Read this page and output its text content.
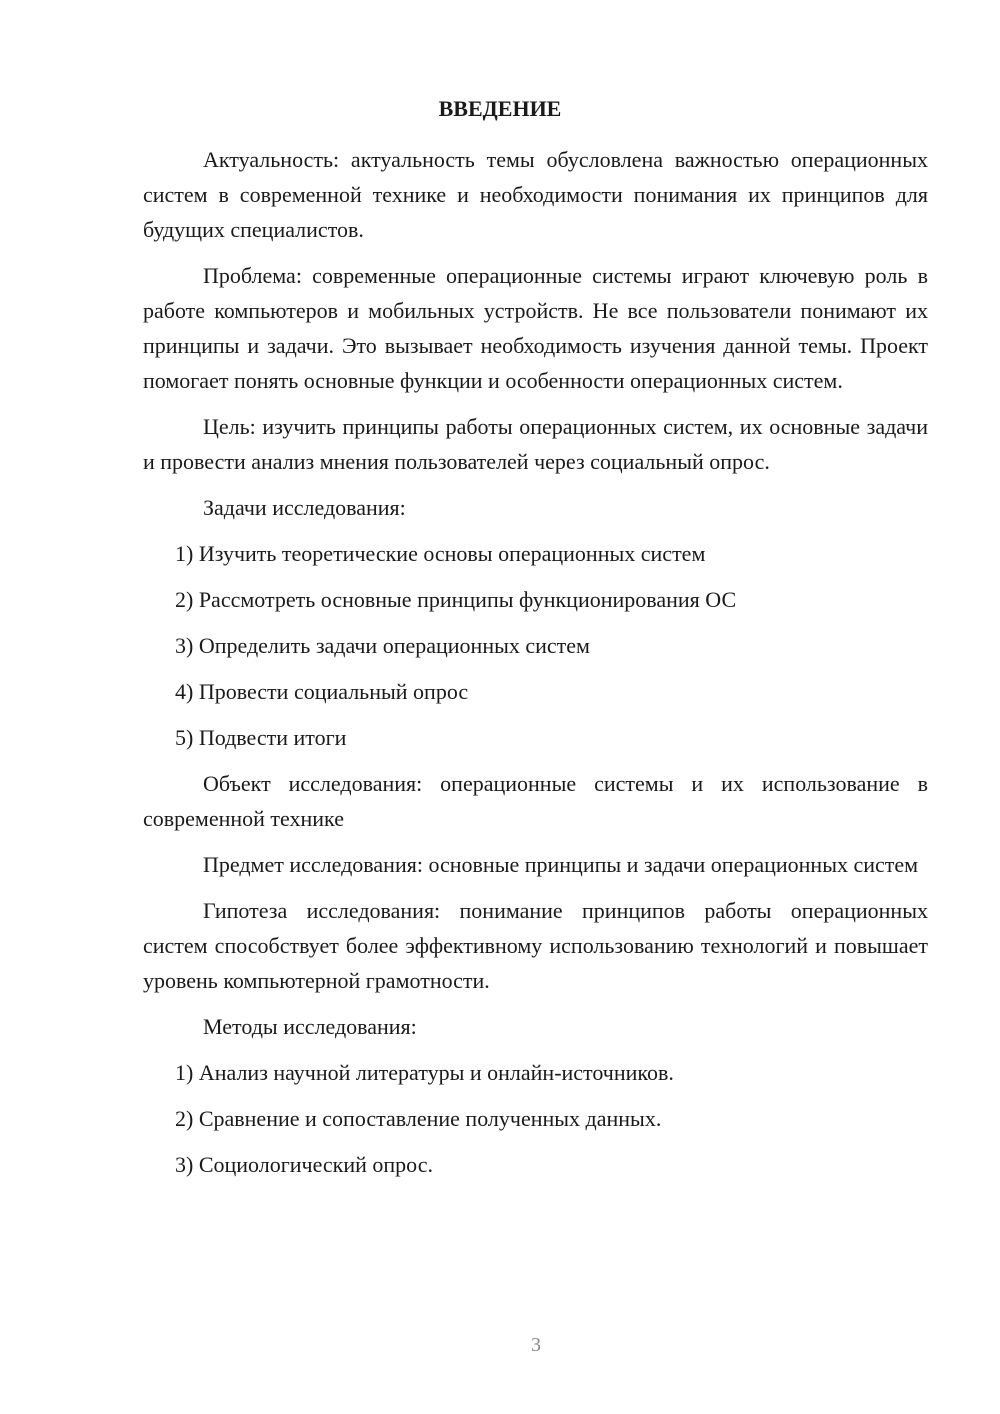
ВВЕДЕНИЕ

Актуальность: актуальность темы обусловлена важностью операционных систем в современной технике и необходимости понимания их принципов для будущих специалистов.

Проблема: современные операционные системы играют ключевую роль в работе компьютеров и мобильных устройств. Не все пользователи понимают их принципы и задачи. Это вызывает необходимость изучения данной темы. Проект помогает понять основные функции и особенности операционных систем.

Цель: изучить принципы работы операционных систем, их основные задачи и провести анализ мнения пользователей через социальный опрос.

Задачи исследования:

1) Изучить теоретические основы операционных систем

2) Рассмотреть основные принципы функционирования ОС

3) Определить задачи операционных систем

4) Провести социальный опрос

5) Подвести итоги

Объект исследования: операционные системы и их использование в современной технике

Предмет исследования: основные принципы и задачи операционных систем

Гипотеза исследования: понимание принципов работы операционных систем способствует более эффективному использованию технологий и повышает уровень компьютерной грамотности.

Методы исследования:

1) Анализ научной литературы и онлайн-источников.

2) Сравнение и сопоставление полученных данных.

3) Социологический опрос.

3
